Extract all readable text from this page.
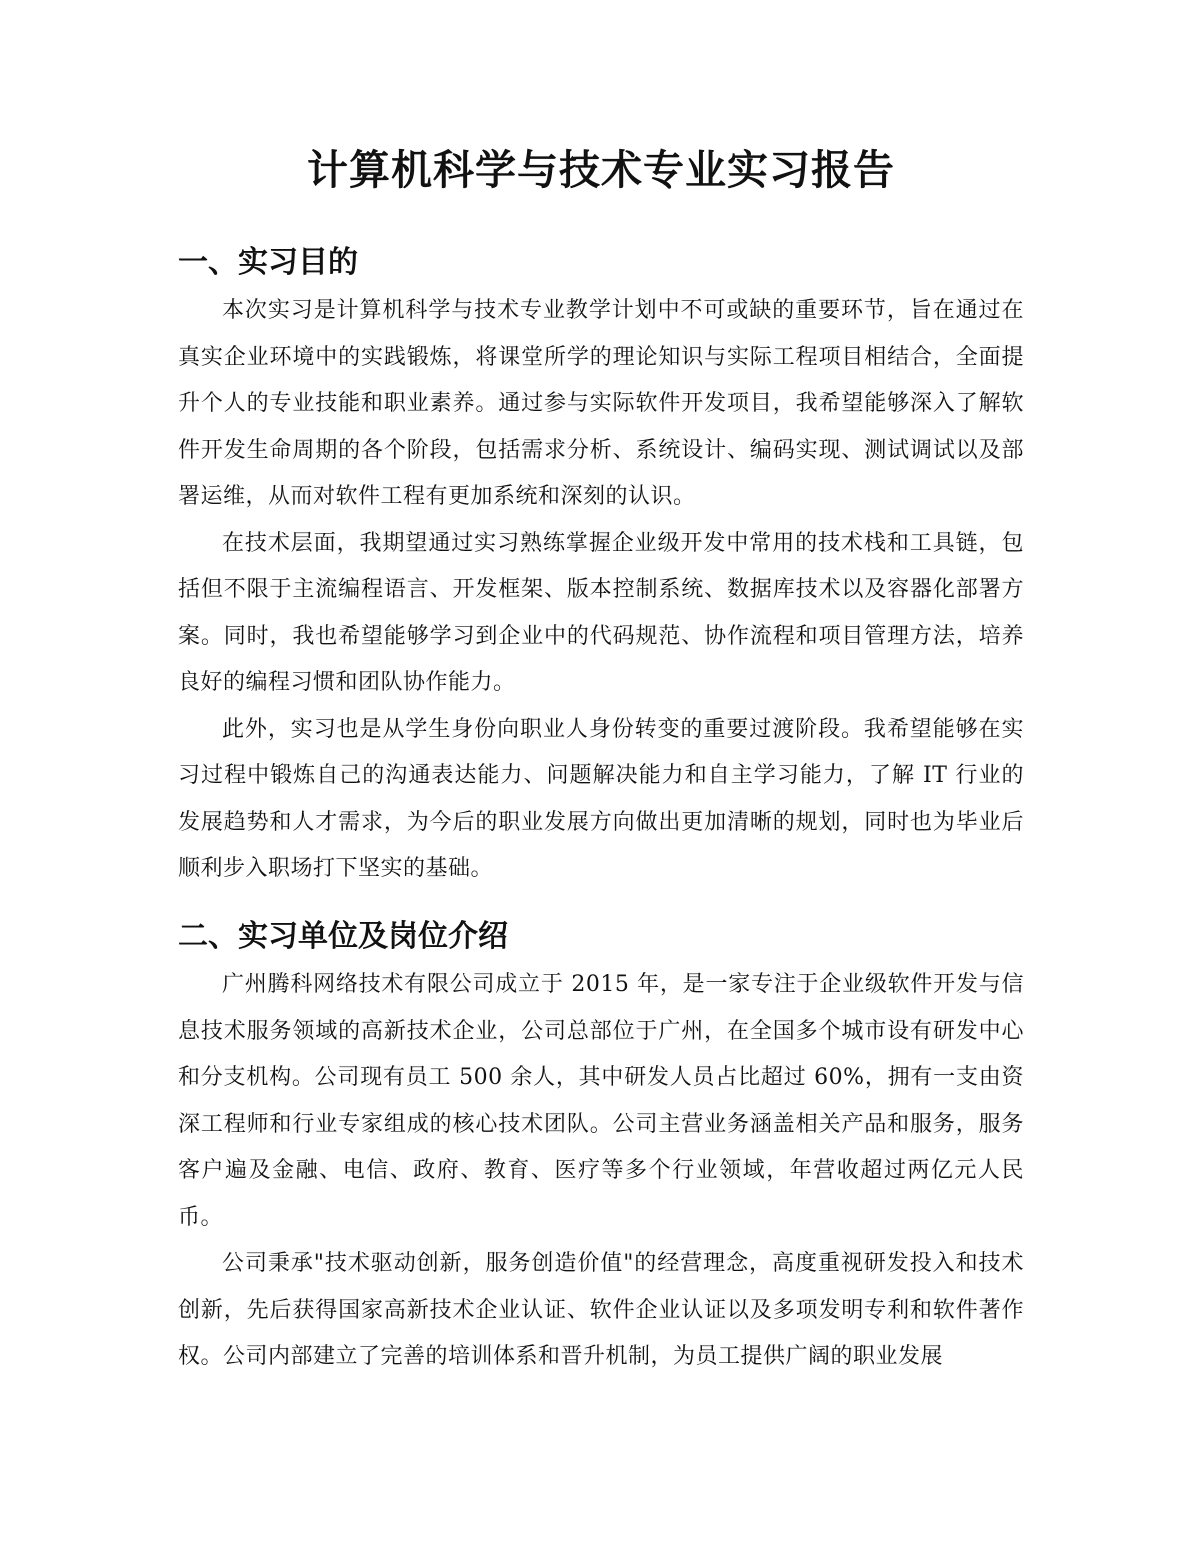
计算机科学与技术专业实习报告
一、实习目的

本次实习是计算机科学与技术专业教学计划中不可或缺的重要环节，旨在通过在真实企业环境中的实践锻炼，将课堂所学的理论知识与实际工程项目相结合，全面提升个人的专业技能和职业素养。通过参与实际软件开发项目，我希望能够深入了解软件开发生命周期的各个阶段，包括需求分析、系统设计、编码实现、测试调试以及部署运维，从而对软件工程有更加系统和深刻的认识。

在技术层面，我期望通过实习熟练掌握企业级开发中常用的技术栈和工具链，包括但不限于主流编程语言、开发框架、版本控制系统、数据库技术以及容器化部署方案。同时，我也希望能够学习到企业中的代码规范、协作流程和项目管理方法，培养良好的编程习惯和团队协作能力。

此外，实习也是从学生身份向职业人身份转变的重要过渡阶段。我希望能够在实习过程中锻炼自己的沟通表达能力、问题解决能力和自主学习能力，了解 IT 行业的发展趋势和人才需求，为今后的职业发展方向做出更加清晰的规划，同时也为毕业后顺利步入职场打下坚实的基础。

二、实习单位及岗位介绍

广州腾科网络技术有限公司成立于 2015 年，是一家专注于企业级软件开发与信息技术服务领域的高新技术企业，公司总部位于广州，在全国多个城市设有研发中心和分支机构。公司现有员工 500 余人，其中研发人员占比超过 60%，拥有一支由资深工程师和行业专家组成的核心技术团队。公司主营业务涵盖相关产品和服务，服务客户遍及金融、电信、政府、教育、医疗等多个行业领域，年营收超过两亿元人民币。

公司秉承"技术驱动创新，服务创造价值"的经营理念，高度重视研发投入和技术创新，先后获得国家高新技术企业认证、软件企业认证以及多项发明专利和软件著作权。公司内部建立了完善的培训体系和晋升机制，为员工提供广阔的职业发展
